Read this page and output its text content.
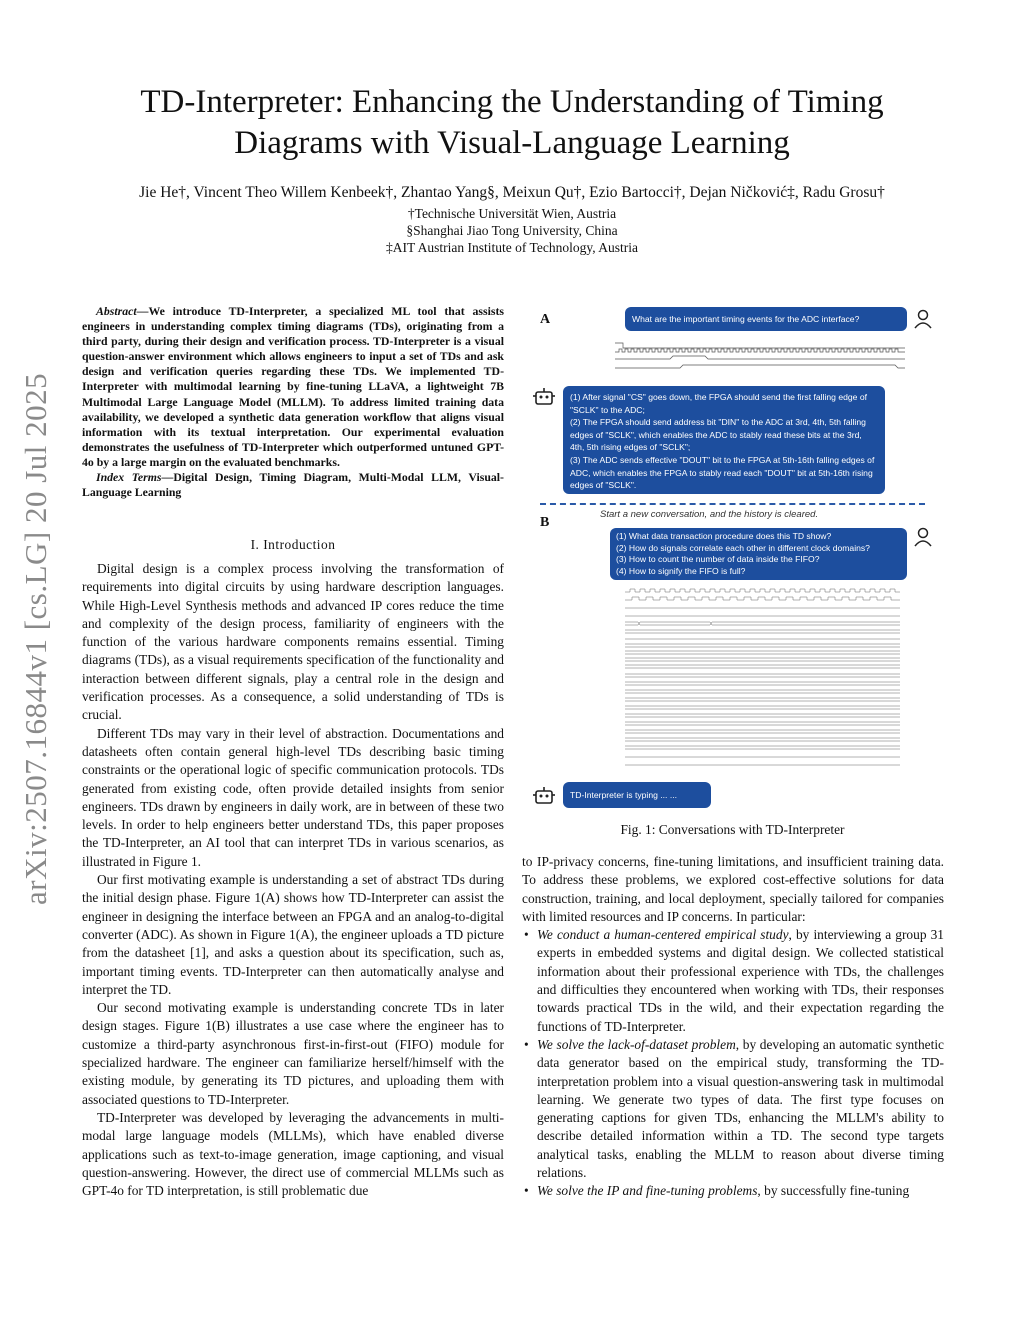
arXiv:2507.16844v1 [cs.LG] 20 Jul 2025
TD-Interpreter: Enhancing the Understanding of Timing
Diagrams with Visual-Language Learning
Jie He†, Vincent Theo Willem Kenbeek†, Zhantao Yang§, Meixun Qu†, Ezio Bartocci†, Dejan Ničković‡, Radu Grosu†
†Technische Universität Wien, Austria
§Shanghai Jiao Tong University, China
‡AIT Austrian Institute of Technology, Austria

Abstract—We introduce TD-Interpreter, a specialized ML tool that assists engineers in understanding complex timing diagrams (TDs), originating from a third party, during their design and verification process. TD-Interpreter is a visual question-answer environment which allows engineers to input a set of TDs and ask design and verification queries regarding these TDs. We implemented TD-Interpreter with multimodal learning by fine-tuning LLaVA, a lightweight 7B Multimodal Large Language Model (MLLM). To address limited training data availability, we developed a synthetic data generation workflow that aligns visual information with its textual interpretation. Our experimental evaluation demonstrates the usefulness of TD-Interpreter which outperformed untuned GPT-4o by a large margin on the evaluated benchmarks.

Index Terms—Digital Design, Timing Diagram, Multi-Modal LLM, Visual-Language Learning

I. Introduction

Digital design is a complex process involving the transformation of requirements into digital circuits by using hardware description languages. While High-Level Synthesis methods and advanced IP cores reduce the time and complexity of the design process, familiarity of engineers with the function of the various hardware components remains essential. Timing diagrams (TDs), as a visual requirements specification of the functionality and interaction between different signals, play a central role in the design and verification processes. As a consequence, a solid understanding of TDs is crucial.

Different TDs may vary in their level of abstraction. Documentations and datasheets often contain general high-level TDs describing basic timing constraints or the operational logic of specific communication protocols. TDs generated from existing code, often provide detailed insights from senior engineers. TDs drawn by engineers in daily work, are in between of these two levels. In order to help engineers better understand TDs, this paper proposes the TD-Interpreter, an AI tool that can interpret TDs in various scenarios, as illustrated in Figure 1.

Our first motivating example is understanding a set of abstract TDs during the initial design phase. Figure 1(A) shows how TD-Interpreter can assist the engineer in designing the interface between an FPGA and an analog-to-digital converter (ADC). As shown in Figure 1(A), the engineer uploads a TD picture from the datasheet [1], and asks a question about its specification, such as, important timing events. TD-Interpreter can then automatically analyse and interpret the TD.

Our second motivating example is understanding concrete TDs in later design stages. Figure 1(B) illustrates a use case where the engineer has to customize a third-party asynchronous first-in-first-out (FIFO) module for specialized hardware. The engineer can familiarize herself/himself with the existing module, by generating its TD pictures, and uploading them with associated questions to TD-Interpreter.

TD-Interpreter was developed by leveraging the advancements in multi-modal large language models (MLLMs), which have enabled diverse applications such as text-to-image generation, image captioning, and visual question-answering. However, the direct use of commercial MLLMs such as GPT-4o for TD interpretation, is still problematic due

A	What are the important timing events for the ADC interface?
(1) After signal "CS" goes down, the FPGA should send the first falling edge of "SCLK" to the ADC;
(2) The FPGA should send address bit "DIN" to the ADC at 3rd, 4th, 5th falling edges of "SCLK", which enables the ADC to stably read these bits at the 3rd, 4th, 5th rising edges of "SCLK";
(3) The ADC sends effective "DOUT" bit to the FPGA at 5th-16th falling edges of ADC, which enables the FPGA to stably read each "DOUT" bit at 5th-16th rising edges of "SCLK".
Start a new conversation, and the history is cleared.
B
(1) What data transaction procedure does this TD show?
(2) How do signals correlate each other in different clock domains?
(3) How to count the number of data inside the FIFO?
(4) How to signify the FIFO is full?
TD-Interpreter is typing ... ...
Fig. 1: Conversations with TD-Interpreter

to IP-privacy concerns, fine-tuning limitations, and insufficient training data. To address these problems, we explored cost-effective solutions for data construction, training, and local deployment, specially tailored for companies with limited resources and IP concerns. In particular:

• We conduct a human-centered empirical study, by interviewing a group 31 experts in embedded systems and digital design. We collected statistical information about their professional experience with TDs, the challenges and difficulties they encountered when working with TDs, their responses towards practical TDs in the wild, and their expectation regarding the functions of TD-Interpreter.
• We solve the lack-of-dataset problem, by developing an automatic synthetic data generator based on the empirical study, transforming the TD-interpretation problem into a visual question-answering task in multimodal learning. We generate two types of data. The first type focuses on generating captions for given TDs, enhancing the MLLM's ability to describe detailed information within a TD. The second type targets analytical tasks, enabling the MLLM to reason about diverse timing relations.
• We solve the IP and fine-tuning problems, by successfully fine-tuning
